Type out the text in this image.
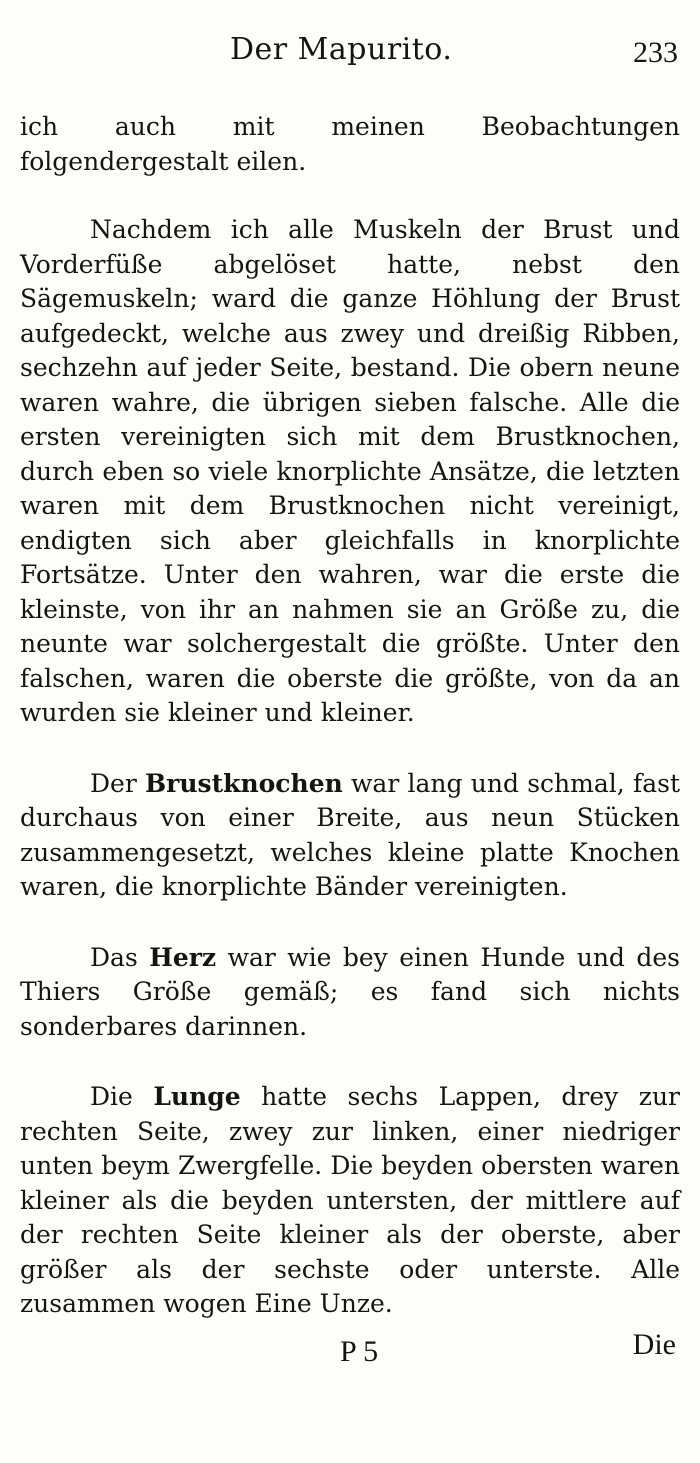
Der Mapurito.	233

ich auch mit meinen Beobachtungen folgendergestalt eilen.

Nachdem ich alle Muskeln der Brust und Vorderfüße abgelöset hatte, nebst den Sägemuskeln; ward die ganze Höhlung der Brust aufgedeckt, welche aus zwey und dreißig Ribben, sechzehn auf jeder Seite, bestand. Die obern neune waren wahre, die übrigen sieben falsche. Alle die ersten vereinigten sich mit dem Brustknochen, durch eben so viele knorplichte Ansätze, die letzten waren mit dem Brustknochen nicht vereinigt, endigten sich aber gleichfalls in knorplichte Fortsätze. Unter den wahren, war die erste die kleinste, von ihr an nahmen sie an Größe zu, die neunte war solchergestalt die größte. Unter den falschen, waren die oberste die größte, von da an wurden sie kleiner und kleiner.

Der Brustknochen war lang und schmal, fast durchaus von einer Breite, aus neun Stücken zusammengesetzt, welches kleine platte Knochen waren, die knorplichte Bänder vereinigten.

Das Herz war wie bey einen Hunde und des Thiers Größe gemäß; es fand sich nichts sonderbares darinnen.

Die Lunge hatte sechs Lappen, drey zur rechten Seite, zwey zur linken, einer niedriger unten beym Zwergfelle. Die beyden obersten waren kleiner als die beyden untersten, der mittlere auf der rechten Seite kleiner als der oberste, aber größer als der sechste oder unterste. Alle zusammen wogen Eine Unze.

P 5	Die
